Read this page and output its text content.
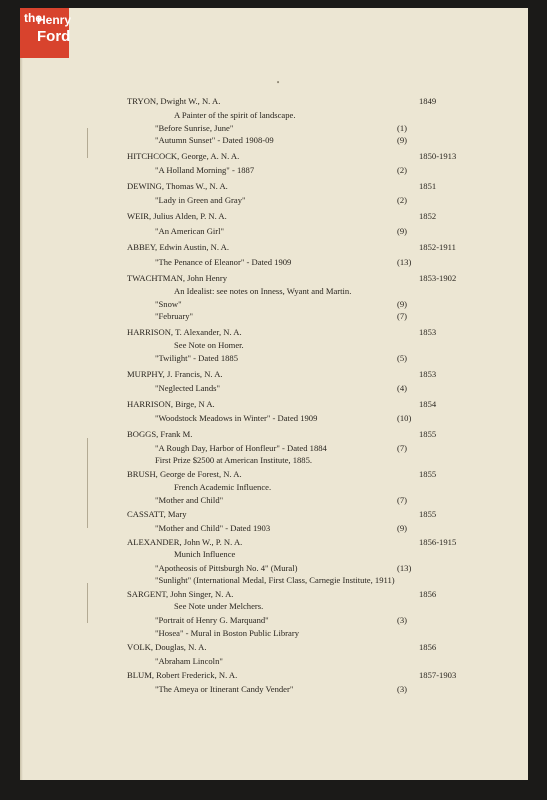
the
Henry
Ford
•
TRYON, Dwight W., N. A.	1849
A Painter of the spirit of landscape.
"Before Sunrise, June"	(1)
"Autumn Sunset" - Dated 1908-09	(9)
HITCHCOCK, George, A. N. A.	1850-1913
"A Holland Morning" - 1887	(2)
DEWING, Thomas W., N. A.	1851
"Lady in Green and Gray"	(2)
WEIR, Julius Alden, P. N. A.	1852
"An American Girl"	(9)
ABBEY, Edwin Austin, N. A.	1852-1911
"The Penance of Eleanor" - Dated 1909	(13)
TWACHTMAN, John Henry	1853-1902
An Idealist: see notes on Inness, Wyant and Martin.
"Snow"	(9)
"February"	(7)
HARRISON, T. Alexander, N. A.	1853
See Note on Homer.
"Twilight" - Dated 1885	(5)
MURPHY, J. Francis, N. A.	1853
"Neglected Lands"	(4)
HARRISON, Birge, N A.	1854
"Woodstock Meadows in Winter" - Dated 1909	(10)
BOGGS, Frank M.	1855
"A Rough Day, Harbor of Honfleur" - Dated 1884	(7)
First Prize $2500 at American Institute, 1885.
BRUSH, George de Forest, N. A.	1855
French Academic Influence.
"Mother and Child"	(7)
CASSATT, Mary	1855
"Mother and Child" - Dated 1903	(9)
ALEXANDER, John W., P. N. A.	1856-1915
Munich Influence
"Apotheosis of Pittsburgh No. 4" (Mural)	(13)
"Sunlight" (International Medal, First Class, Carnegie Institute, 1911)
SARGENT, John Singer, N. A.	1856
See Note under Melchers.
"Portrait of Henry G. Marquand"	(3)
"Hosea" - Mural in Boston Public Library
VOLK, Douglas, N. A.	1856
"Abraham Lincoln"
BLUM, Robert Frederick, N. A.	1857-1903
"The Ameya or Itinerant Candy Vender"	(3)
